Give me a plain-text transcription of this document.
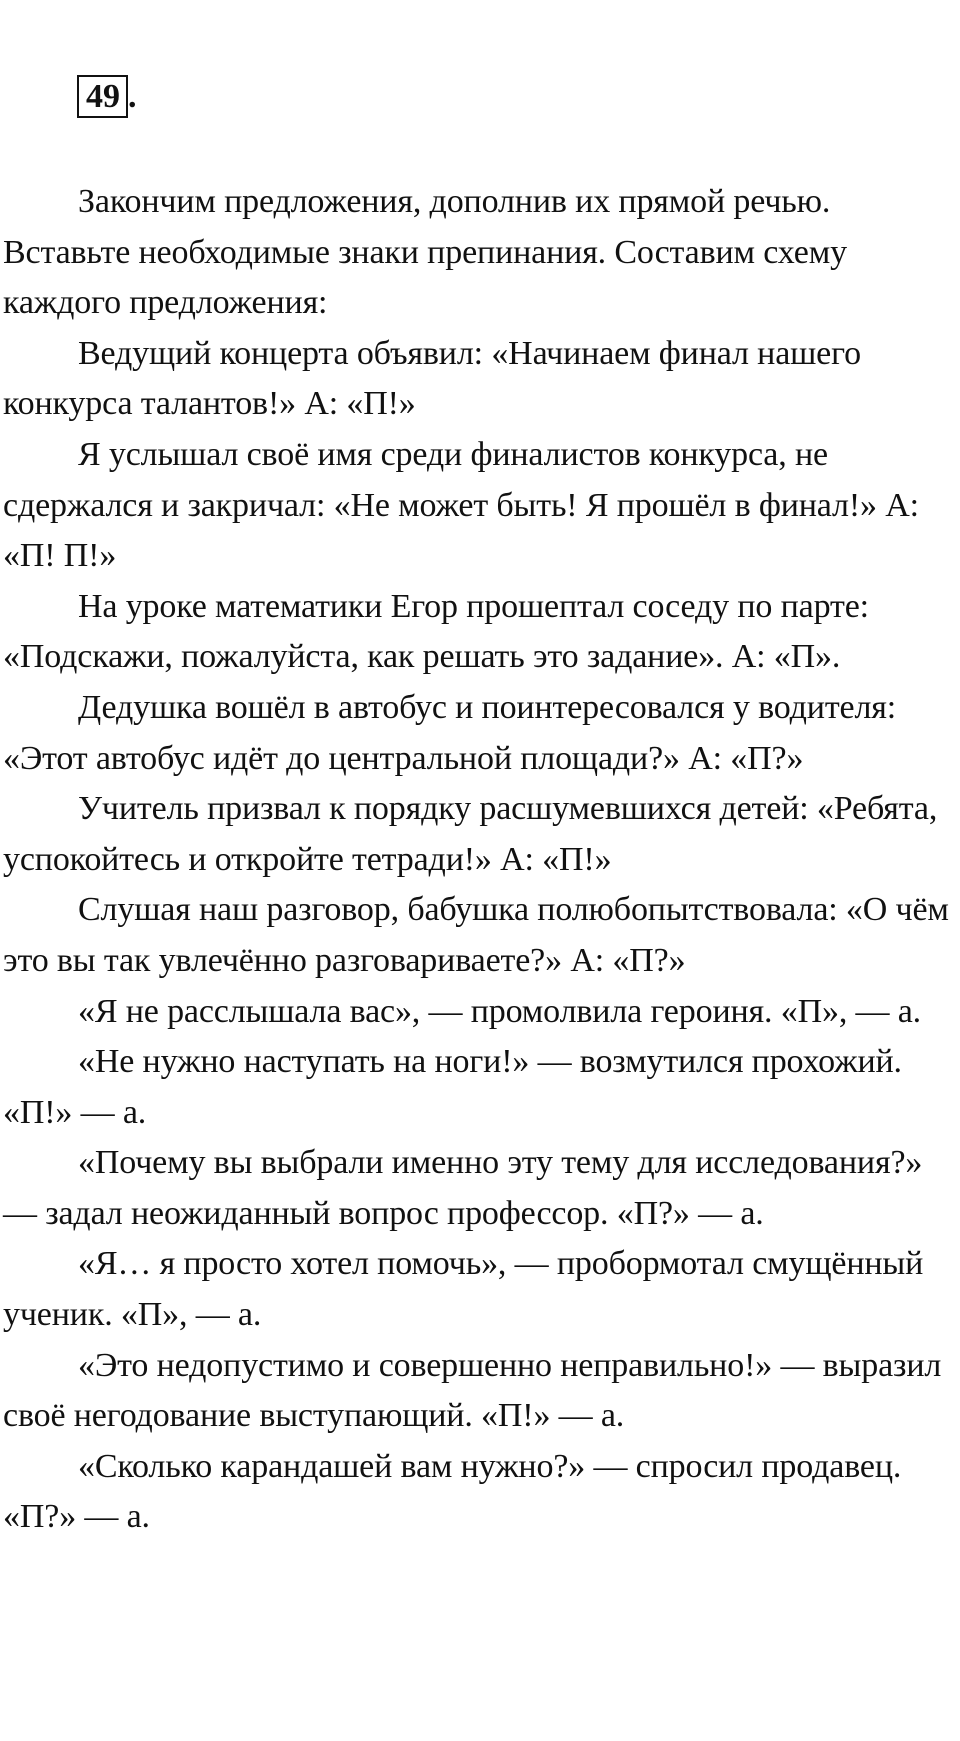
49 .

Закончим предложения, дополнив их прямой речью. Вставьте необходимые знаки препинания. Составим схему каждого предложения:

Ведущий концерта объявил: «Начинаем финал нашего конкурса талантов!» А: «П!»

Я услышал своё имя среди финалистов конкурса, не сдержался и закричал: «Не может быть! Я прошёл в финал!» А: «П! П!»

На уроке математики Егор прошептал соседу по парте: «Подскажи, пожалуйста, как решать это задание». А: «П».

Дедушка вошёл в автобус и поинтересовался у водителя: «Этот автобус идёт до центральной площади?» А: «П?»

Учитель призвал к порядку расшумевшихся детей: «Ребята, успокойтесь и откройте тетради!» А: «П!»

Слушая наш разговор, бабушка полюбопытствовала: «О чём это вы так увлечённо разговариваете?» А: «П?»

«Я не расслышала вас», — промолвила героиня. «П», — а.

«Не нужно наступать на ноги!» — возмутился прохожий. «П!» — а.

«Почему вы выбрали именно эту тему для исследования?» — задал неожиданный вопрос профессор. «П?» — а.

«Я… я просто хотел помочь», — пробормотал смущённый ученик. «П», — а.

«Это недопустимо и совершенно неправильно!» — выразил своё негодование выступающий. «П!» — а.

«Сколько карандашей вам нужно?» — спросил продавец. «П?» — а.
